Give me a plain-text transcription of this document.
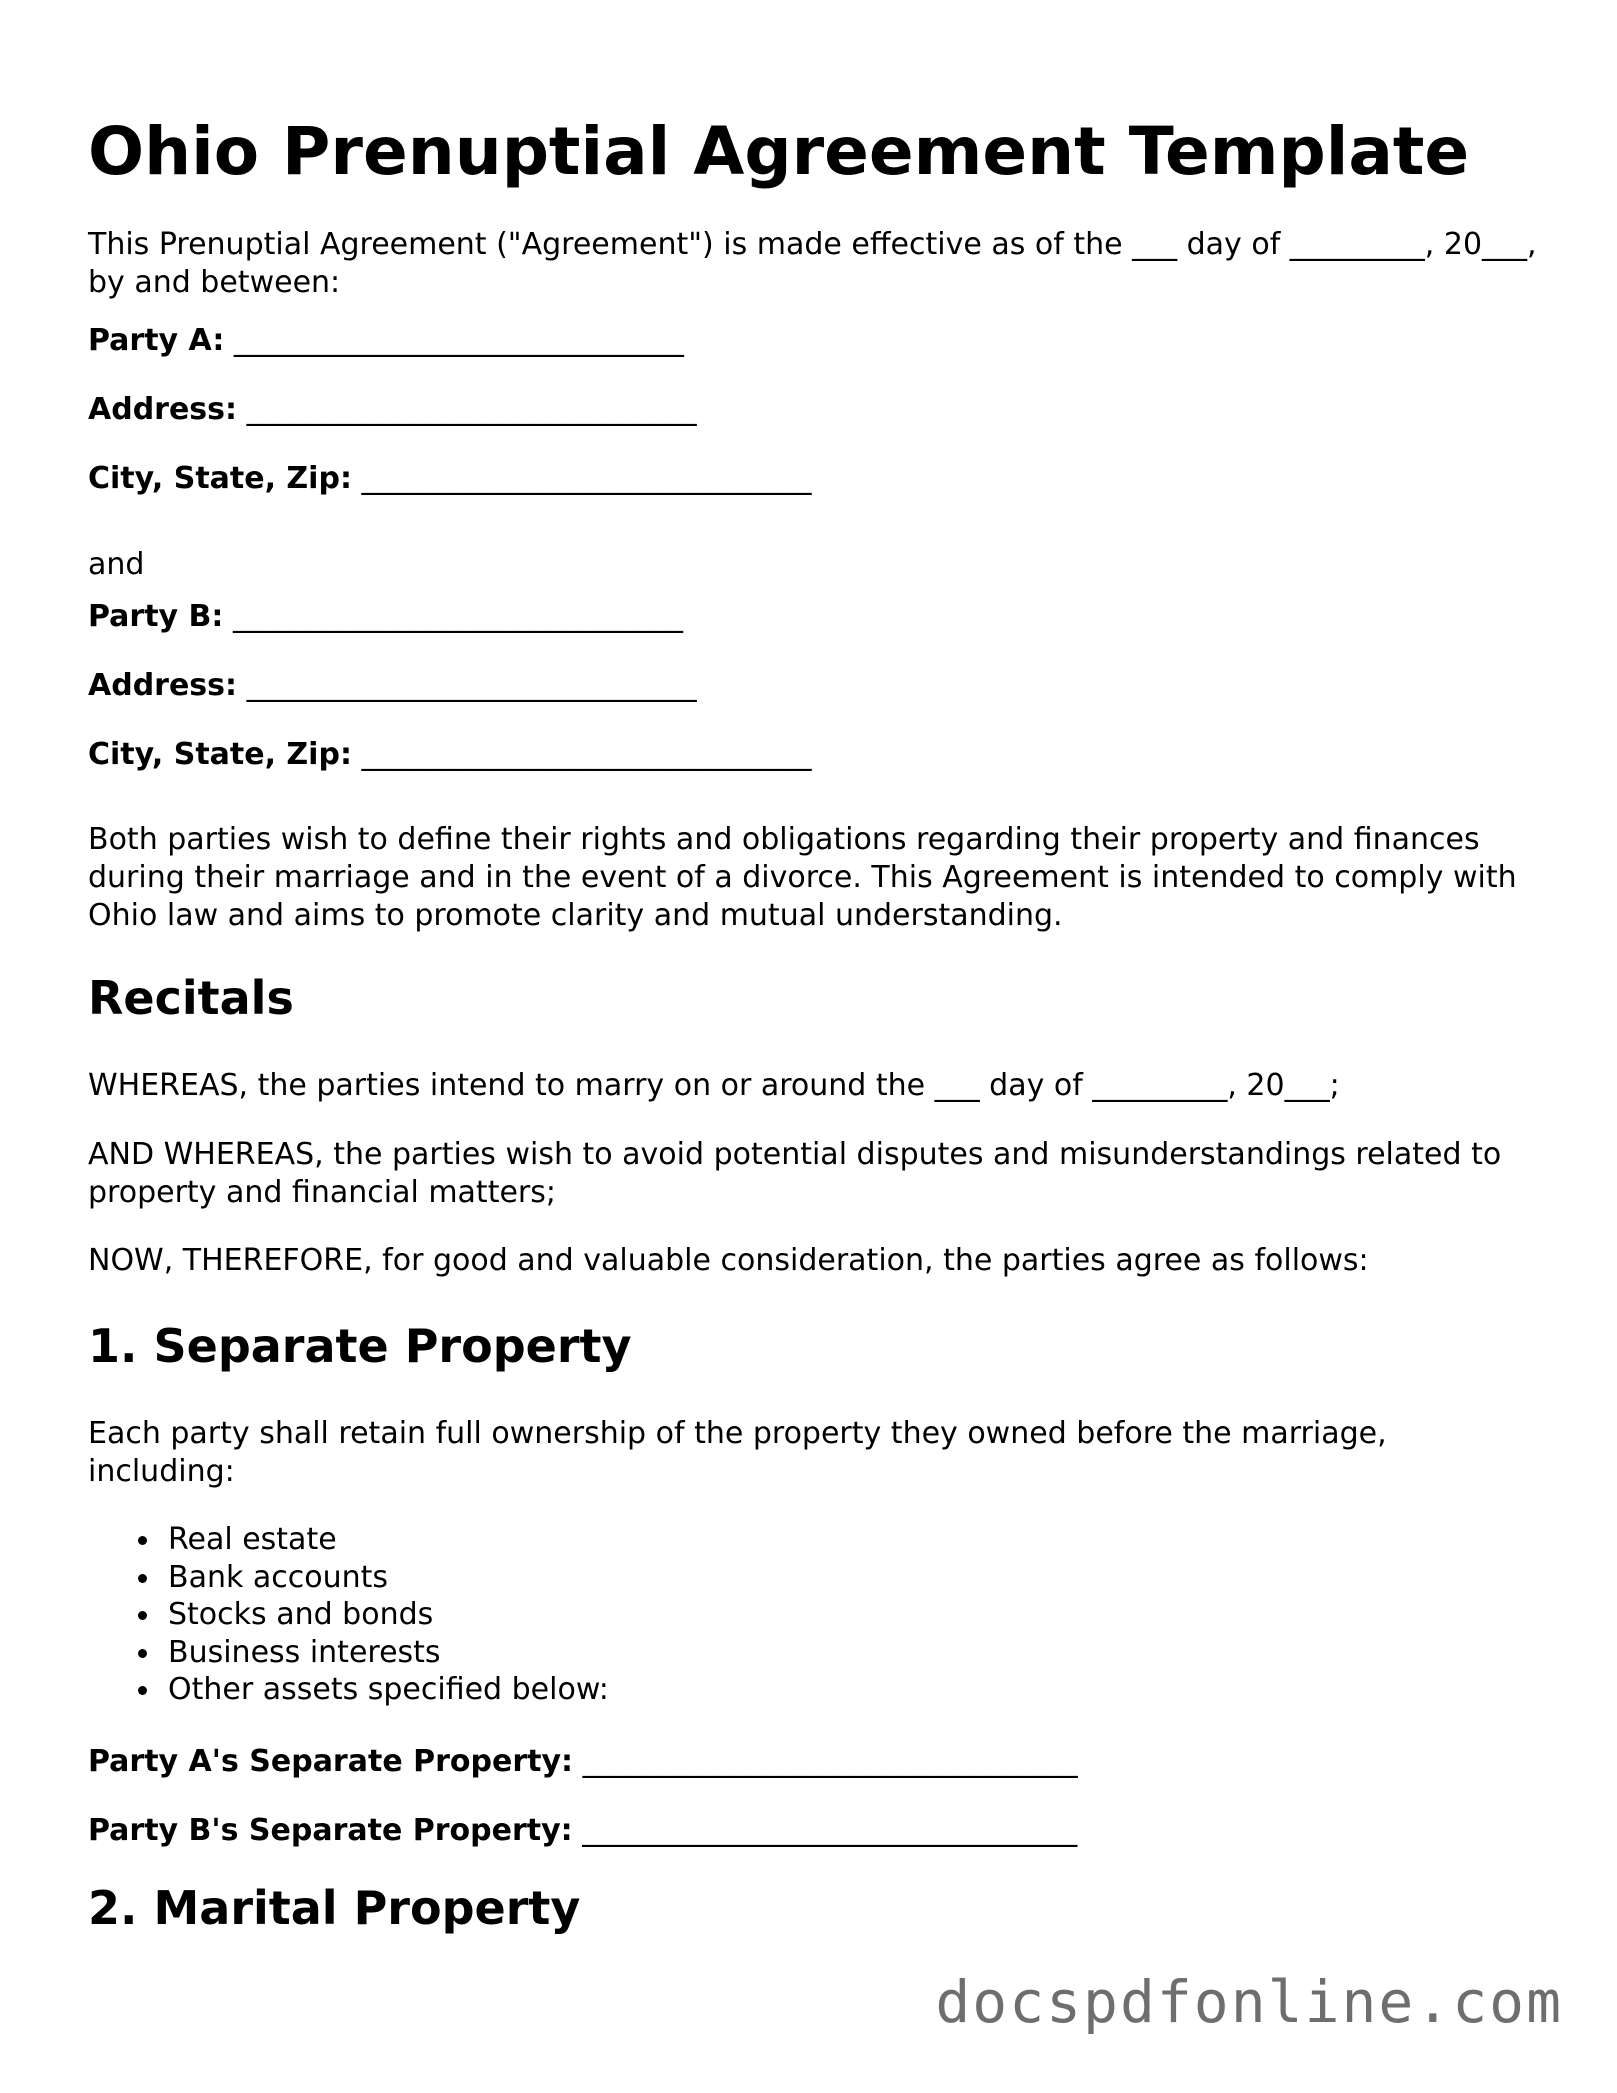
Ohio Prenuptial Agreement Template

This Prenuptial Agreement ("Agreement") is made effective as of the ___ day of _________, 20___, by and between:

Party A: ______________________________
Address: ______________________________
City, State, Zip: ______________________________

and

Party B: ______________________________
Address: ______________________________
City, State, Zip: ______________________________

Both parties wish to define their rights and obligations regarding their property and finances during their marriage and in the event of a divorce. This Agreement is intended to comply with Ohio law and aims to promote clarity and mutual understanding.

Recitals

WHEREAS, the parties intend to marry on or around the ___ day of _________, 20___;

AND WHEREAS, the parties wish to avoid potential disputes and misunderstandings related to property and financial matters;

NOW, THEREFORE, for good and valuable consideration, the parties agree as follows:

1. Separate Property

Each party shall retain full ownership of the property they owned before the marriage, including:

Real estate
Bank accounts
Stocks and bonds
Business interests
Other assets specified below:
Party A's Separate Property: _________________________________
Party B's Separate Property: _________________________________
2. Marital Property
docspdfonline.com
